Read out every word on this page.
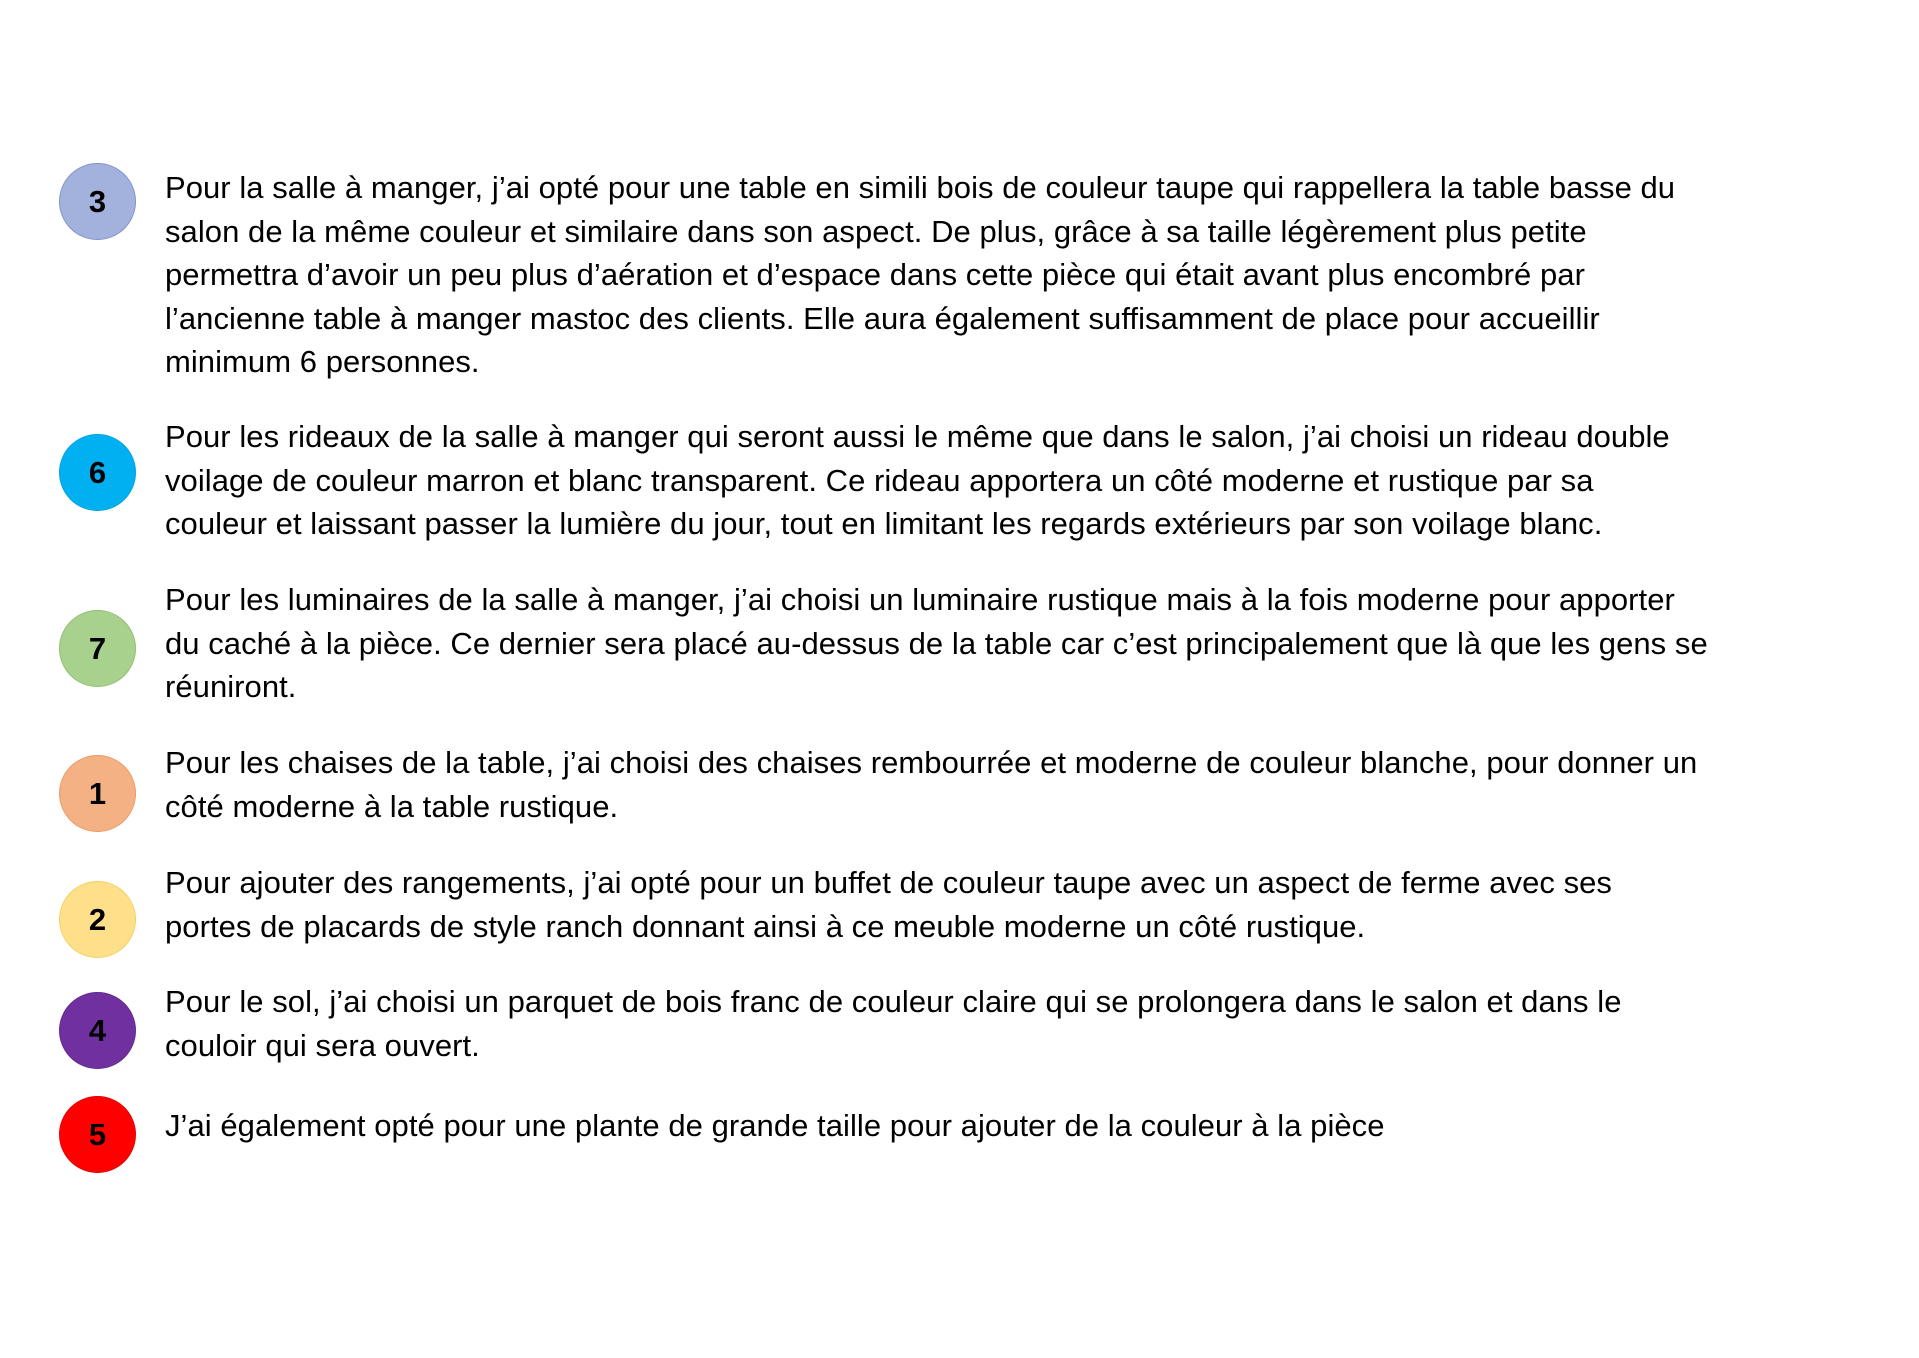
3 Pour la salle à manger, j’ai opté pour une table en simili bois de couleur taupe qui rappellera la table basse du
salon de la même couleur et similaire dans son aspect. De plus, grâce à sa taille légèrement plus petite
permettra d’avoir un peu plus d’aération et d’espace dans cette pièce qui était avant plus encombré par
l’ancienne table à manger mastoc des clients. Elle aura également suffisamment de place pour accueillir
minimum 6 personnes.
6
Pour les rideaux de la salle à manger qui seront aussi le même que dans le salon, j’ai choisi un rideau double
voilage de couleur marron et blanc transparent. Ce rideau apportera un côté moderne et rustique par sa
couleur et laissant passer la lumière du jour, tout en limitant les regards extérieurs par son voilage blanc.
7
Pour les luminaires de la salle à manger, j’ai choisi un luminaire rustique mais à la fois moderne pour apporter
du caché à la pièce. Ce dernier sera placé au-dessus de la table car c’est principalement que là que les gens se
réuniront.
1
Pour les chaises de la table, j’ai choisi des chaises rembourrée et moderne de couleur blanche, pour donner un
côté moderne à la table rustique.
2
Pour ajouter des rangements, j’ai opté pour un buffet de couleur taupe avec un aspect de ferme avec ses
portes de placards de style ranch donnant ainsi à ce meuble moderne un côté rustique.
4
Pour le sol, j’ai choisi un parquet de bois franc de couleur claire qui se prolongera dans le salon et dans le
couloir qui sera ouvert.
5 J’ai également opté pour une plante de grande taille pour ajouter de la couleur à la pièce
